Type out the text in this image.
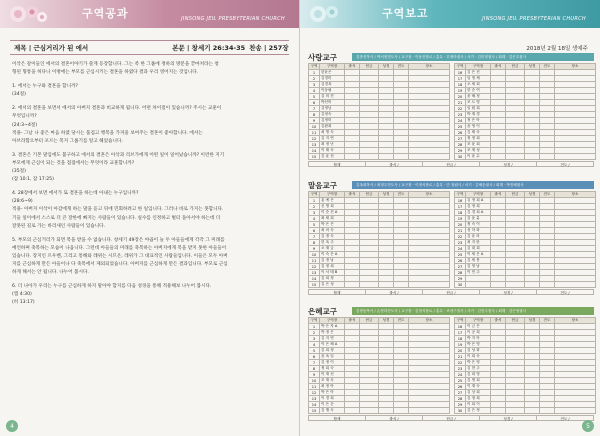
구역공과	JINSONG JEIL PRESBYTERIAN CHURCH
제목 | 근심거리가 된 에서	본문 | 창세기 26:34-35 찬송 | 257장

이삭은 갈이들인 에서의 결혼이야기가 쓸게 등장합니다. 그는 족 한 그룹에 정하의 방문을 끝마쳐라는 창

형된 형통을 허다니 이방에는 부모를 근심시키는 결혼을 하였다 결과 우리 영어지는 것입니다.

1. 에서는 누구와 결혼을 합니까?

(34절)

2. 에서의 결혼을 보면서 에서의 아버지 결혼과 비교하게 됩니다. 어떤 차이점이 있습니까? 주시는 교훈이

무엇입니까?

(24:3~4절)

적용- 그날 나 좋은 마음 하였 당시는 품겁고 행복을 가져올 보여주는 결혼이 좋아합니다. 에서는

아브라함으부터 포르는 복지 그룹기를 알고 헤었습니다.

3. 결혼은 기본 말입에도 불구하고 에서의 결혼은 아삭과 리브가에게 어떤 일이 일어났습니까? 이런한 지기

부모에게 근심이 되는 것을 접접에서는 무엇이라 교훈합니까?

(35절)

(잠 10:1, 잠 17:25)

4. 28장에서 보면 에서가 또 결혼을 하는데 아내는 누구입니까?

(28:6~9)

적용- 아버지 이삭이 아감에게 하는 말을 듣고 뒤에 민회하려고 한 일입니다. 그러나 바로 가지는 못합니다.

기들 일이에서 스스로 더 큰 잘한에 빠지는 사람들이 있습니다. 실수를 인정하고 벌터 돌아서야 하는데 더

잘못된 길로 가는 바리새인 사람들이 있습니다.

5. 부모의 근심거리가 되면 복을 받을 수 없습니다. 창세기 49장은 야곱이 늘 두 아들들에게 각각 그 미래를

예언하며 축복하는 모습이 나옵니다. 그런데 아들들의 미래를 축복하는 아버지에게 복을 받지 못한 아들들이

있습니다. 장지인 르우벤, 그리고 통해와 레위는 시므온, 레위가 그 대표적인 사람들입니다. 이들은 모두 아버

지를 근심하게 만든 아들이나 다 축복에서 제외되었습니다. 아버지를 근심하게 만든 결과입니다. 부모로 근심

하게 해서는 안 됩니다. 나누어 봅시다.

6. 더 나아가 우리는 누구를 근심하게 하지 말아야 합지를 다음 성경을 통해 적용해보 나누어 봅시다.

(엡 4:30)

(히 13:17)

4
구역보고	JINSONG JEIL PRESBYTERIAN CHURCH
2018년 2월 18일 생예주
사랑교구	김종진목사 / 박서정전도사 / 교구장 · 이동진장로 / 총무 · 우정아권사 / 서기 · 김미정권사 / 회계 · 김은주집사
구역	구역장	출석	헌금	성경	전도	장소
1	한윤곤					
2	김경미					
3	김경옥					
4	이동필					
5	김 미 진					
6	박선미					
7	김영님					
8	김정숙					
9	김정미					
10	김완희					
11	최 명 숙					
12	김 지 연					
13	최 정 난					
14	이 태 숙					
15	김 윤 천					
구역	구역장	출석	헌금	성경	전도	장소
16	김 은 진					
17	임 영 제					
18	오 세 희					
19	한 순 여					
20	윤 혜 정					
21	조 도 영					
22	임 원 희					
23	박 재 경					
24	정 은 아					
25	윤 영 이					
26	김 태 숙					
27	정 정 희					
28	조 윤 희					
29	조 재 성					
30	이 윤 수					
합계	출석 /	헌금 /	성경 /	전도 /
말음교구	김옥희목사 / 최정주전도사 / 교구장 · 이정석장로 / 총무 · 민 정림사 / 서기 · 김혜순권사 / 회계 · 박진혜집사
구역	구역장	출석	헌금	성경	전도	장소
1	홍 예 은					
2	신 명 희					
3	이 순 진 A					
4	최 세 희					
5	박 은 은					
6	최 의 숙					
7	김 정 숙					
8	한 옥 주					
9	오 재 금					
10	이 숙 은 A					
11	김 정 남					
12	김 정 희					
13	이 서 태 B					
14	김 희 정					
15	김 은 성					
구역	구역장	출석	헌금	성경	전도	장소
16	김 정 희 A					
17	김 정 희					
18	김 경 희 A					
19	김 윤 분					
20	정 숙 이					
21	성 하 화					
22	김 윤 라					
23	최 지 란					
24	김 대 희					
25	이 세 은 A					
26	김 세 봉					
27	김 영 남					
28	이 민 주					
29						
30						
합계	출석 /	헌금 /	성경 /	전도 /
은혜교구	김창동목사 / 손찬하전도사 / 교구장 · 김정석장로 / 총무 · 조성구집사 / 서기 · 김현주집사 / 회계 · 김은영권사
구역	구역장	출석	헌금	성경	전도	장소
1	박 은 자 A					
2	박 정 은					
3	김 지 연					
4	이 은 혜 A					
5	김 희 정					
6	윤 옥 임					
7	김 정 이					
8	정 희 숙					
9	이 재 선					
10	조 재 숙					
11	최 정 아					
12	박 은 아					
13	이 경 희					
14	이 은 순					
15	김 행 숙					
구역	구역장	출석	헌금	성경	전도	장소
16	이 금 은					
17	이 공 희					
18	박 지 아					
19	박 은 영					
20	김 성 화					
21	이 희 숙					
22	박 은 영					
23	김 현 주					
24	김 희 영					
25	김 명 희					
26	이 재 숙					
27	김 상 희					
28	김 정 희					
29	이 희 이					
30	김 은 정					
합계	출석 /	헌금 /	성경 /	전도 /
5
